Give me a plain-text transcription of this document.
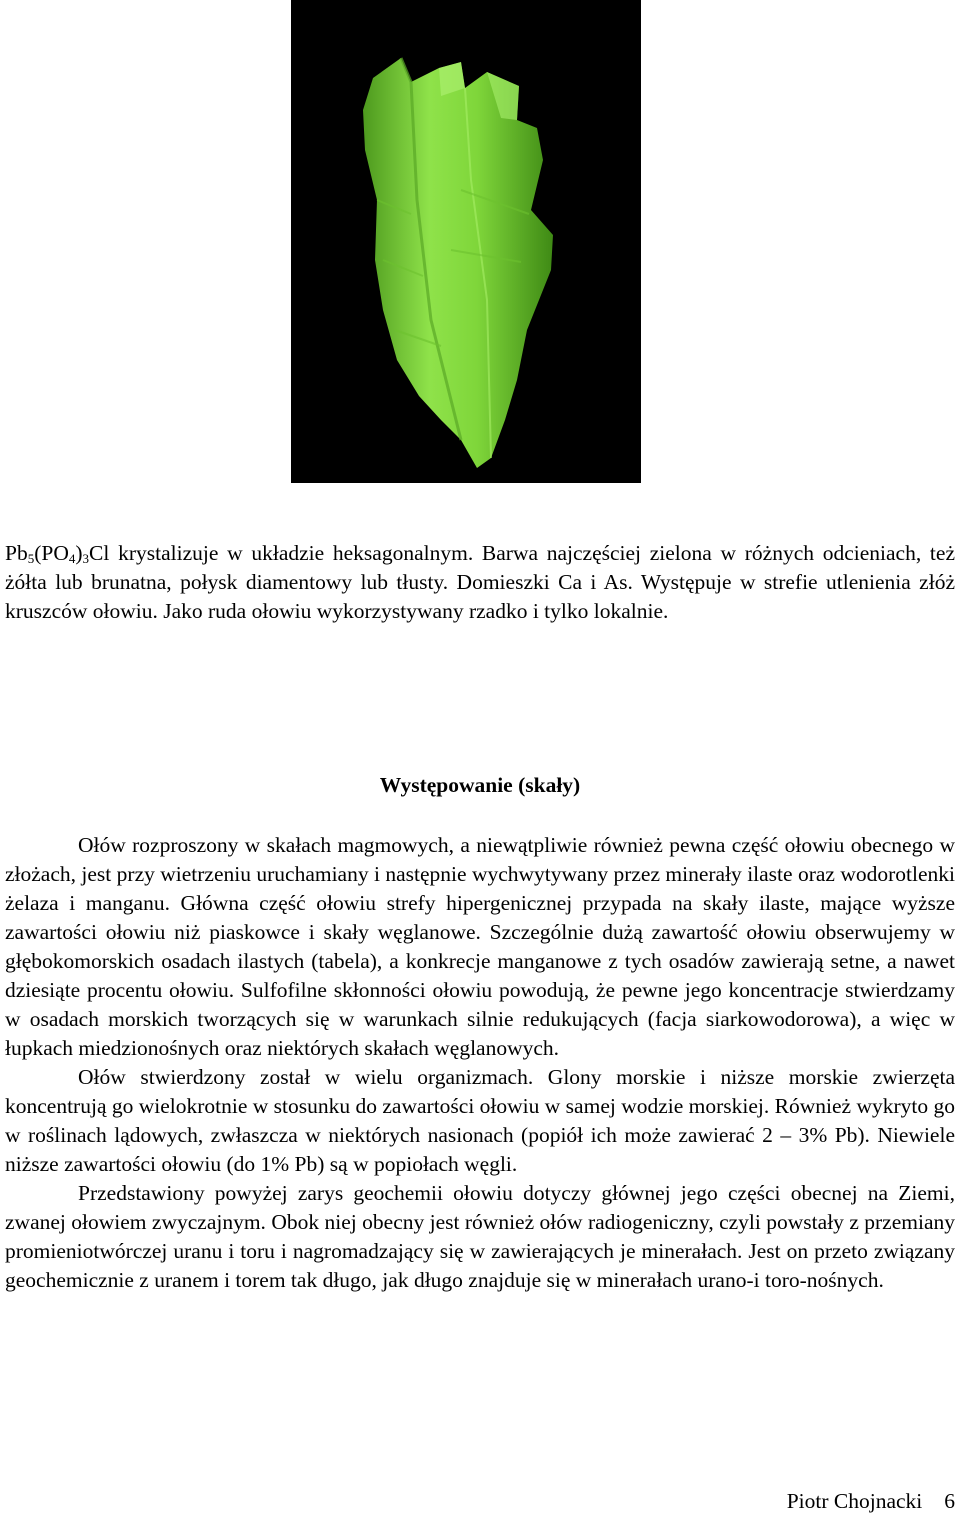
$Pb_5(PO_4)_3Cl$ krystalizuje w układzie heksagonalnym. Barwa najczęściej zielona w różnych odcieniach, też żółta lub brunatna, połysk diamentowy lub tłusty. Domieszki Ca i As. Występuje w strefie utlenienia złóż kruszców ołowiu. Jako ruda ołowiu wykorzystywany rzadko i tylko lokalnie.

Występowanie (skały)

Ołów rozproszony w skałach magmowych, a niewątpliwie również pewna część ołowiu obecnego w złożach, jest przy wietrzeniu uruchamiany i następnie wychwytywany przez minerały ilaste oraz wodorotlenki żelaza i manganu. Główna część ołowiu strefy hipergenicznej przypada na skały ilaste, mające wyższe zawartości ołowiu niż piaskowce i skały węglanowe. Szczególnie dużą zawartość ołowiu obserwujemy w głębokomorskich osadach ilastych (tabela), a konkrecje manganowe z tych osadów zawierają setne, a nawet dziesiąte procentu ołowiu. Sulfofilne skłonności ołowiu powodują, że pewne jego koncentracje stwierdzamy w osadach morskich tworzących się w warunkach silnie redukujących (facja siarkowodorowa), a więc w łupkach miedzionośnych oraz niektórych skałach węglanowych.

Ołów stwierdzony został w wielu organizmach. Glony morskie i niższe morskie zwierzęta koncentrują go wielokrotnie w stosunku do zawartości ołowiu w samej wodzie morskiej. Również wykryto go w roślinach lądowych, zwłaszcza w niektórych nasionach (popiół ich może zawierać 2 – 3% Pb). Niewiele niższe zawartości ołowiu (do 1% Pb) są w popiołach węgli.

Przedstawiony powyżej zarys geochemii ołowiu dotyczy głównej jego części obecnej na Ziemi, zwanej ołowiem zwyczajnym. Obok niej obecny jest również ołów radiogeniczny, czyli powstały z przemiany promieniotwórczej uranu i toru i nagromadzający się w zawierających je minerałach. Jest on przeto związany geochemicznie z uranem i torem tak długo, jak długo znajduje się w minerałach urano-i toro-nośnych.

Piotr Chojnacki 6
